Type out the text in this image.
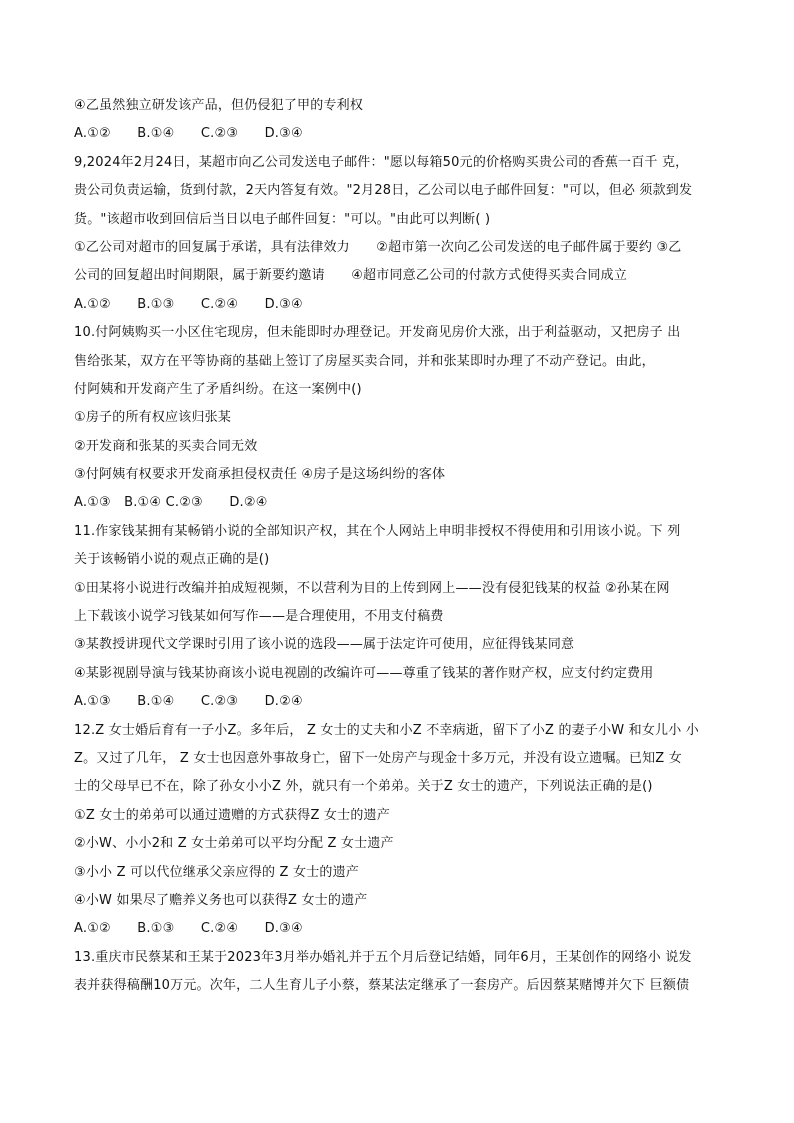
④乙虽然独立研发该产品，但仍侵犯了甲的专利权
A.①②　　B.①④　　C.②③　　D.③④
9,2024年2月24日，某超市向乙公司发送电子邮件："愿以每箱50元的价格购买贵公司的香蕉一百千 克，
贵公司负责运输，货到付款，2天内答复有效。"2月28日，乙公司以电子邮件回复："可以，但必 须款到发
货。"该超市收到回信后当日以电子邮件回复："可以。"由此可以判断( )
①乙公司对超市的回复属于承诺，具有法律效力　　②超市第一次向乙公司发送的电子邮件属于要约 ③乙
公司的回复超出时间期限，属于新要约邀请　　④超市同意乙公司的付款方式使得买卖合同成立
A.①②　　B.①③　　C.②④　　D.③④
10.付阿姨购买一小区住宅现房，但未能即时办理登记。开发商见房价大涨，出于利益驱动，又把房子 出
售给张某，双方在平等协商的基础上签订了房屋买卖合同，并和张某即时办理了不动产登记。由此，
付阿姨和开发商产生了矛盾纠纷。在这一案例中()
①房子的所有权应该归张某
②开发商和张某的买卖合同无效
③付阿姨有权要求开发商承担侵权责任 ④房子是这场纠纷的客体
A.①③　B.①④ C.②③　　D.②④
11.作家钱某拥有某畅销小说的全部知识产权，其在个人网站上申明非授权不得使用和引用该小说。下 列
关于该畅销小说的观点正确的是()
①田某将小说进行改编并拍成短视频，不以营利为目的上传到网上——没有侵犯钱某的权益 ②孙某在网
上下载该小说学习钱某如何写作——是合理使用，不用支付稿费
③某教授讲现代文学课时引用了该小说的选段——属于法定许可使用，应征得钱某同意
④某影视剧导演与钱某协商该小说电视剧的改编许可——尊重了钱某的著作财产权，应支付约定费用
A.①③　　B.①④　　C.②③　　D.②④
12.Z 女士婚后育有一子小Z。多年后， Z 女士的丈夫和小Z 不幸病逝，留下了小Z 的妻子小W 和女儿小 小
Z。又过了几年， Z 女士也因意外事故身亡，留下一处房产与现金十多万元，并没有设立遗嘱。已知Z 女
士的父母早已不在，除了孙女小小Z 外，就只有一个弟弟。关于Z 女士的遗产，下列说法正确的是()
①Z 女士的弟弟可以通过遗赠的方式获得Z 女士的遗产
②小W、小小2和 Z 女士弟弟可以平均分配 Z 女士遗产
③小小 Z 可以代位继承父亲应得的 Z 女士的遗产
④小W 如果尽了赡养义务也可以获得Z 女士的遗产
A.①②　　B.①③　　C.②④　　D.③④
13.重庆市民蔡某和王某于2023年3月举办婚礼并于五个月后登记结婚，同年6月，王某创作的网络小 说发
表并获得稿酬10万元。次年，二人生育儿子小蔡，蔡某法定继承了一套房产。后因蔡某赌博并欠下 巨额债
